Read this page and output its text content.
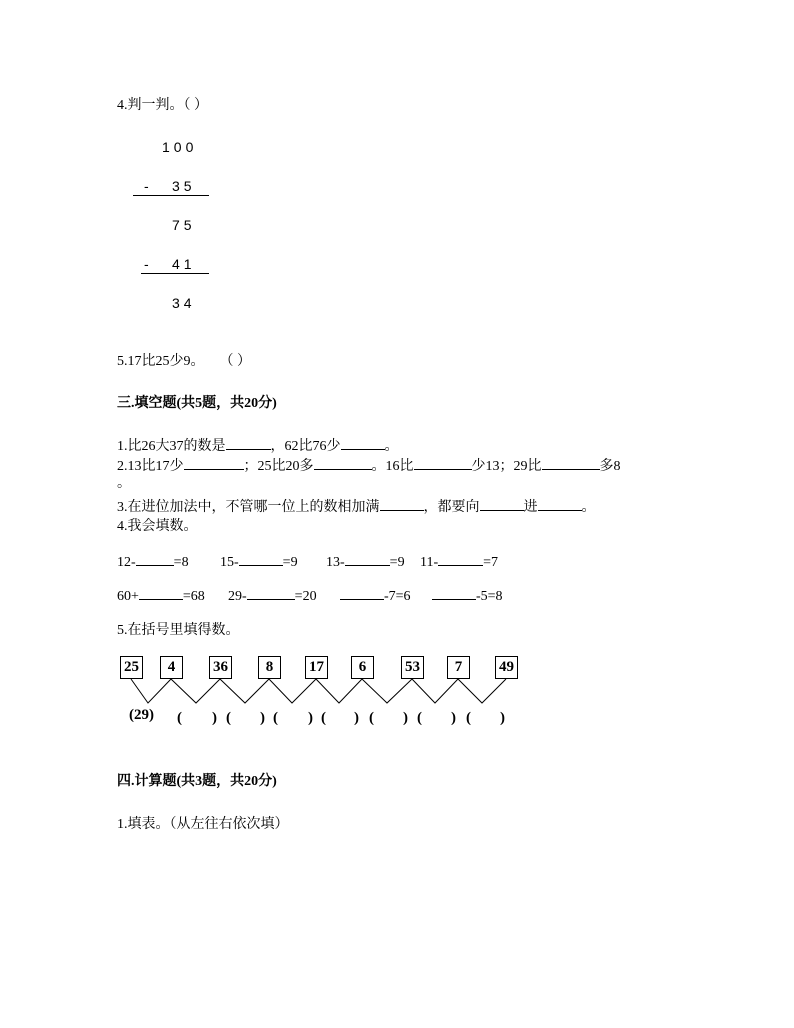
4.判一判。（ ）
100
- 35
75
- 41
34
5.17比25少9。 （ ）
三.填空题(共5题，共20分)
1.比26大37的数是	，62比76少	。
2.13比17少	；25比20多	。16比	少13；29比	多8
。
3.在进位加法中，不管哪一位上的数相加满	，都要向	进	。
4.我会填数。
12-	=8 15-	=9 13-	=9 11-	=7
60+	=68 29-	=20	-7=6	-5=8
5.在括号里填得数。
25	4	36	8	17	6	53	7	49
(29) ( ) ( ) ( ) ( ) ( ) ( ) ( )
四.计算题(共3题，共20分)
1.填表。（从左往右依次填）
